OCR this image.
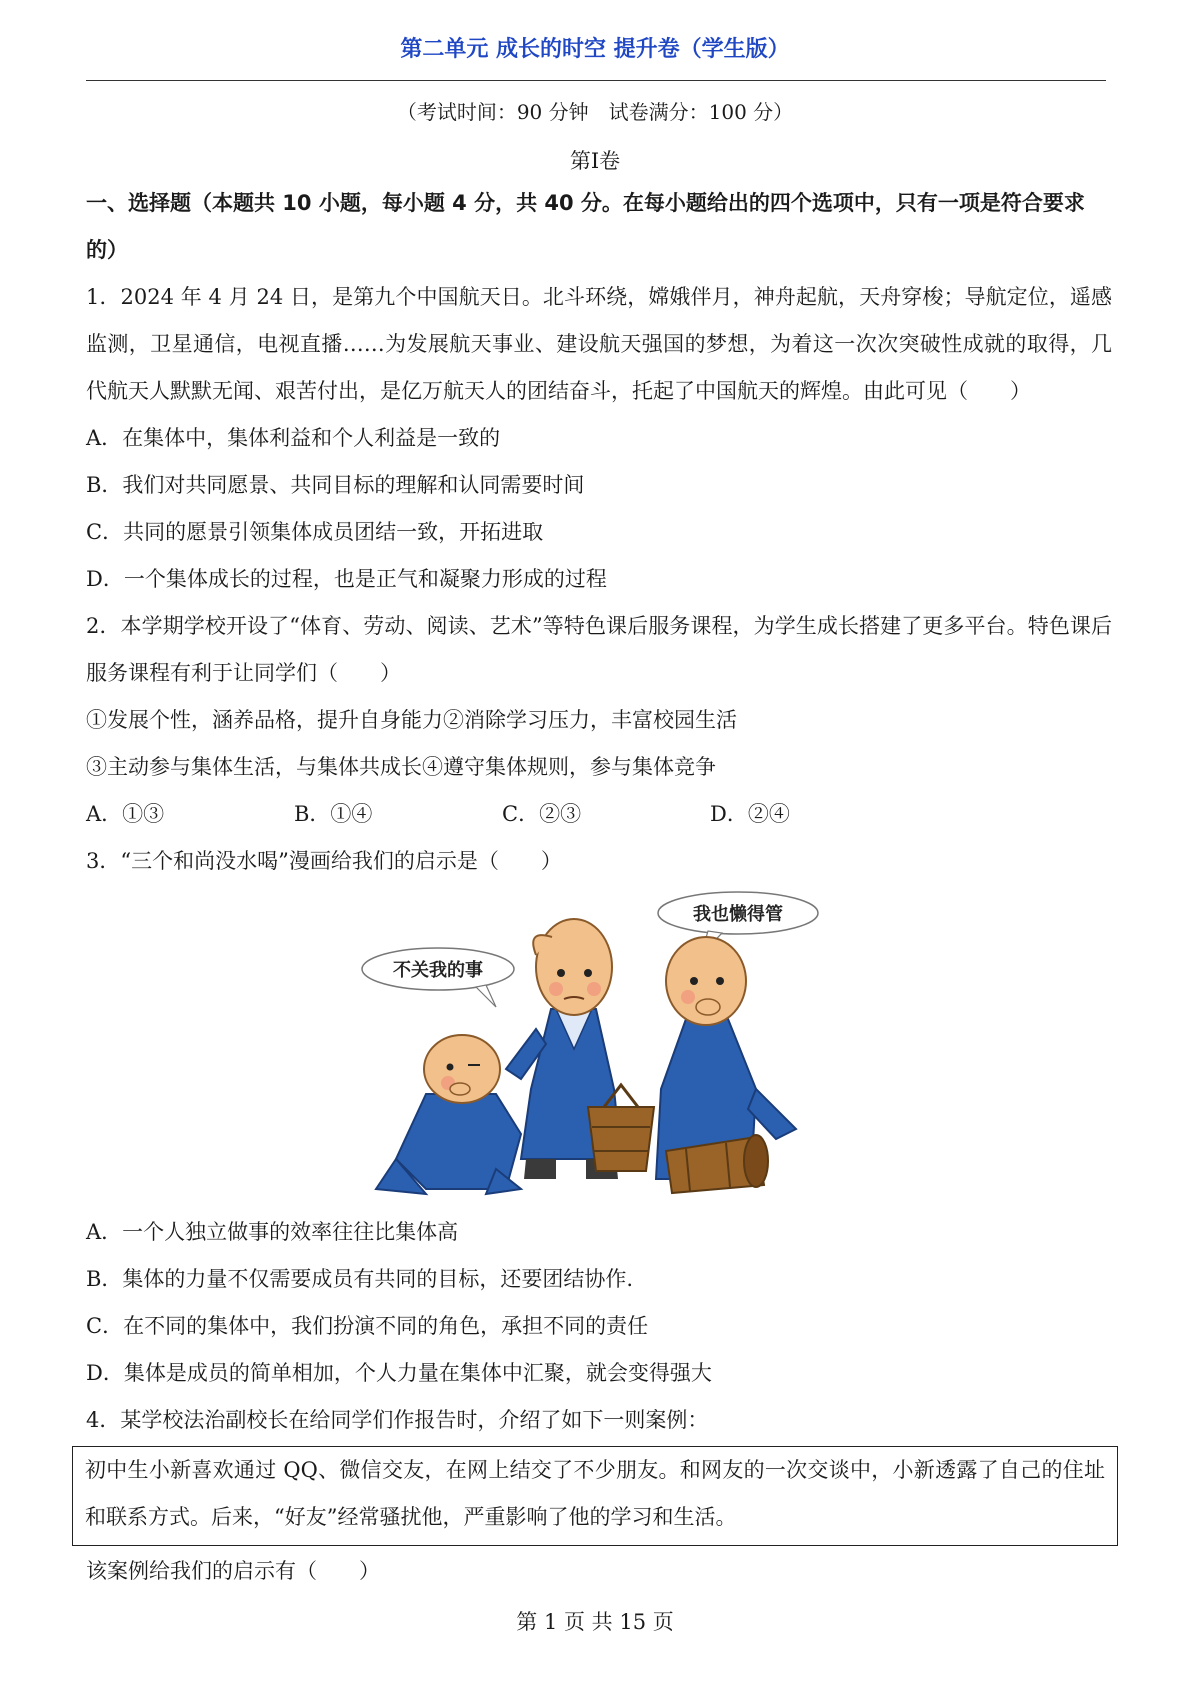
第二单元 成长的时空 提升卷（学生版）
（考试时间：90 分钟　试卷满分：100 分）
第I卷
一、选择题（本题共 10 小题，每小题 4 分，共 40 分。在每小题给出的四个选项中，只有一项是符合要求的）

1．2024 年 4 月 24 日，是第九个中国航天日。北斗环绕，嫦娥伴月，神舟起航，天舟穿梭；导航定位，遥感监测，卫星通信，电视直播……为发展航天事业、建设航天强国的梦想，为着这一次次突破性成就的取得，几代航天人默默无闻、艰苦付出，是亿万航天人的团结奋斗，托起了中国航天的辉煌。由此可见（　　）

A．在集体中，集体利益和个人利益是一致的

B．我们对共同愿景、共同目标的理解和认同需要时间

C．共同的愿景引领集体成员团结一致，开拓进取

D．一个集体成长的过程，也是正气和凝聚力形成的过程

2．本学期学校开设了“体育、劳动、阅读、艺术”等特色课后服务课程，为学生成长搭建了更多平台。特色课后服务课程有利于让同学们（　　）

①发展个性，涵养品格，提升自身能力②消除学习压力，丰富校园生活

③主动参与集体生活，与集体共成长④遵守集体规则，参与集体竞争

A．①③	B．①④	C．②③	D．②④

3．“三个和尚没水喝”漫画给我们的启示是（　　）

不关我的事
我也懒得管

A．一个人独立做事的效率往往比集体高

B．集体的力量不仅需要成员有共同的目标，还要团结协作.

C．在不同的集体中，我们扮演不同的角色，承担不同的责任

D．集体是成员的简单相加，个人力量在集体中汇聚，就会变得强大

4．某学校法治副校长在给同学们作报告时，介绍了如下一则案例：

初中生小新喜欢通过 QQ、微信交友，在网上结交了不少朋友。和网友的一次交谈中，小新透露了自己的住址和联系方式。后来，“好友”经常骚扰他，严重影响了他的学习和生活。

该案例给我们的启示有（　　）

第 1 页 共 15 页
